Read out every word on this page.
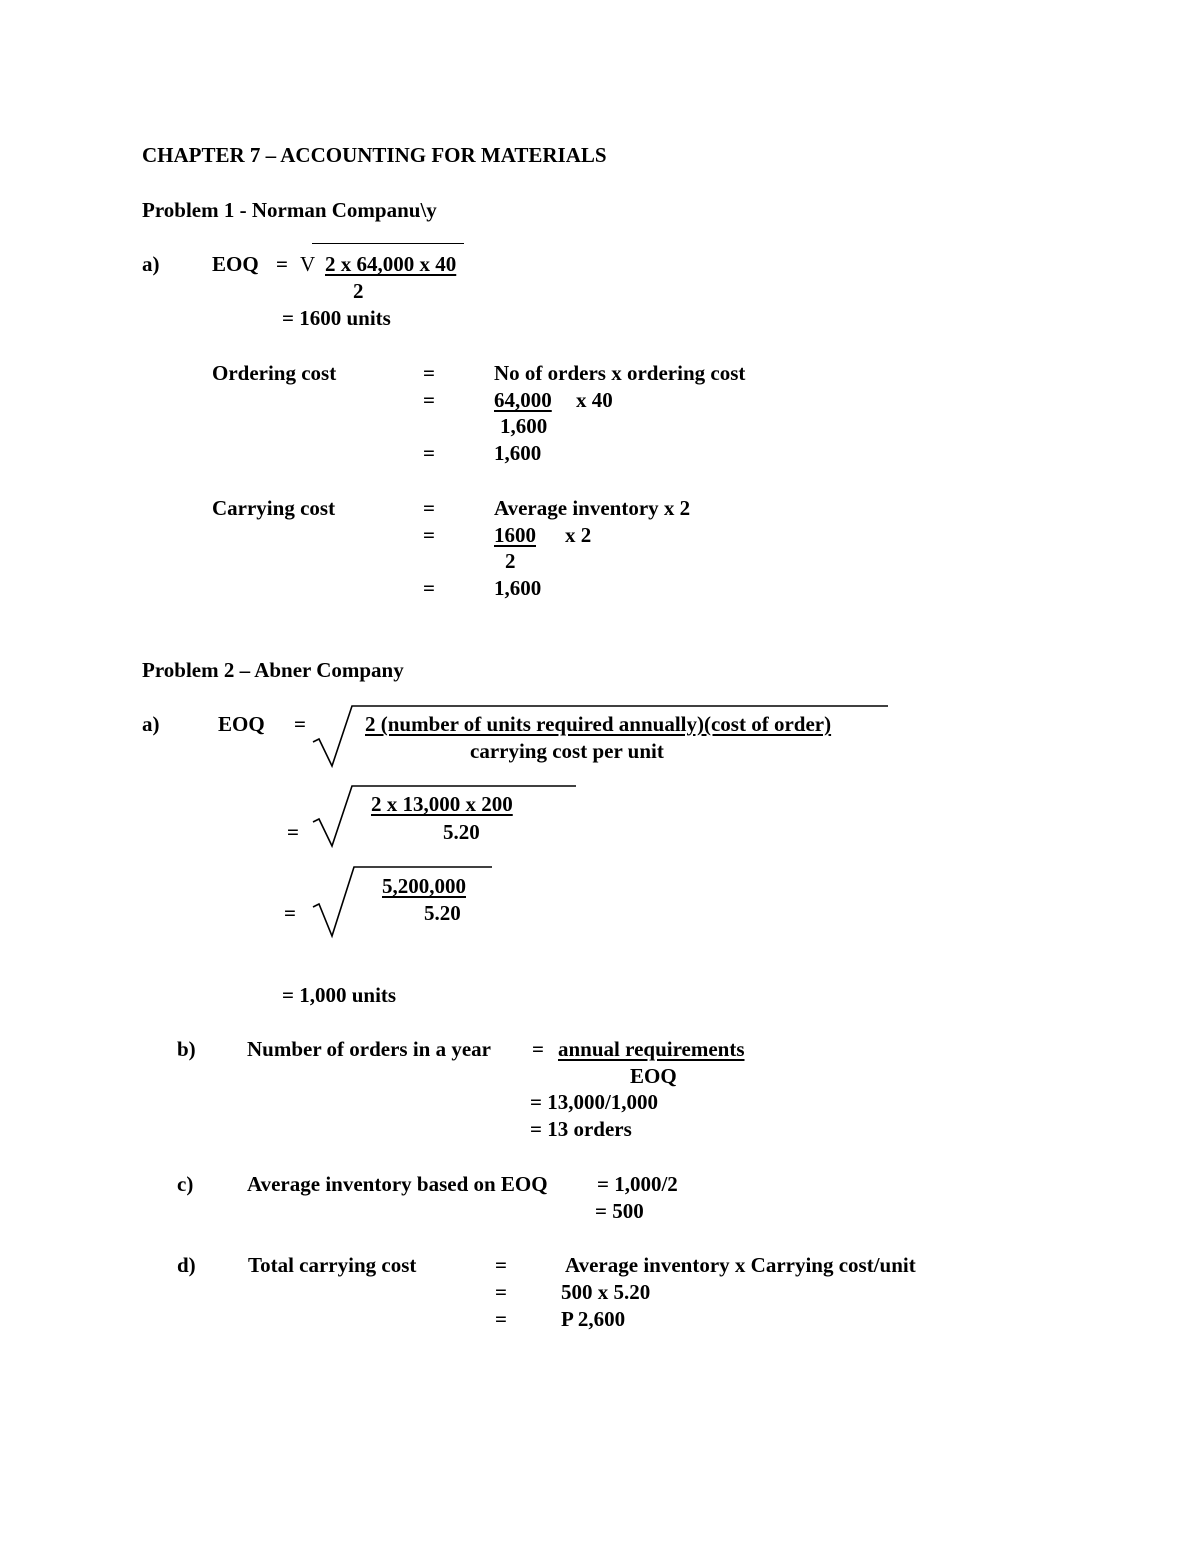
CHAPTER 7 – ACCOUNTING FOR MATERIALS
Problem 1 - Norman Companu\y
a)	EOQ = V 2 x 64,000 x 40
2
= 1600 units
Ordering cost	=	No of orders x ordering cost
=	64,000 x 40
1,600
=	1,600
Carrying cost	=	Average inventory x 2
=	1600 x 2
2
=	1,600
Problem 2 – Abner Company
a)	EOQ =	2 (number of units required annually)(cost of order)
carrying cost per unit
=
2 x 13,000 x 200
5.20
=
5,200,000
5.20
= 1,000 units
b) Number of orders in a year = annual requirements
EOQ
= 13,000/1,000
= 13 orders
c)	Average inventory based on EOQ = 1,000/2
= 500
d) Total carrying cost	=	Average inventory x Carrying cost/unit
=	500 x 5.20
=	P 2,600
